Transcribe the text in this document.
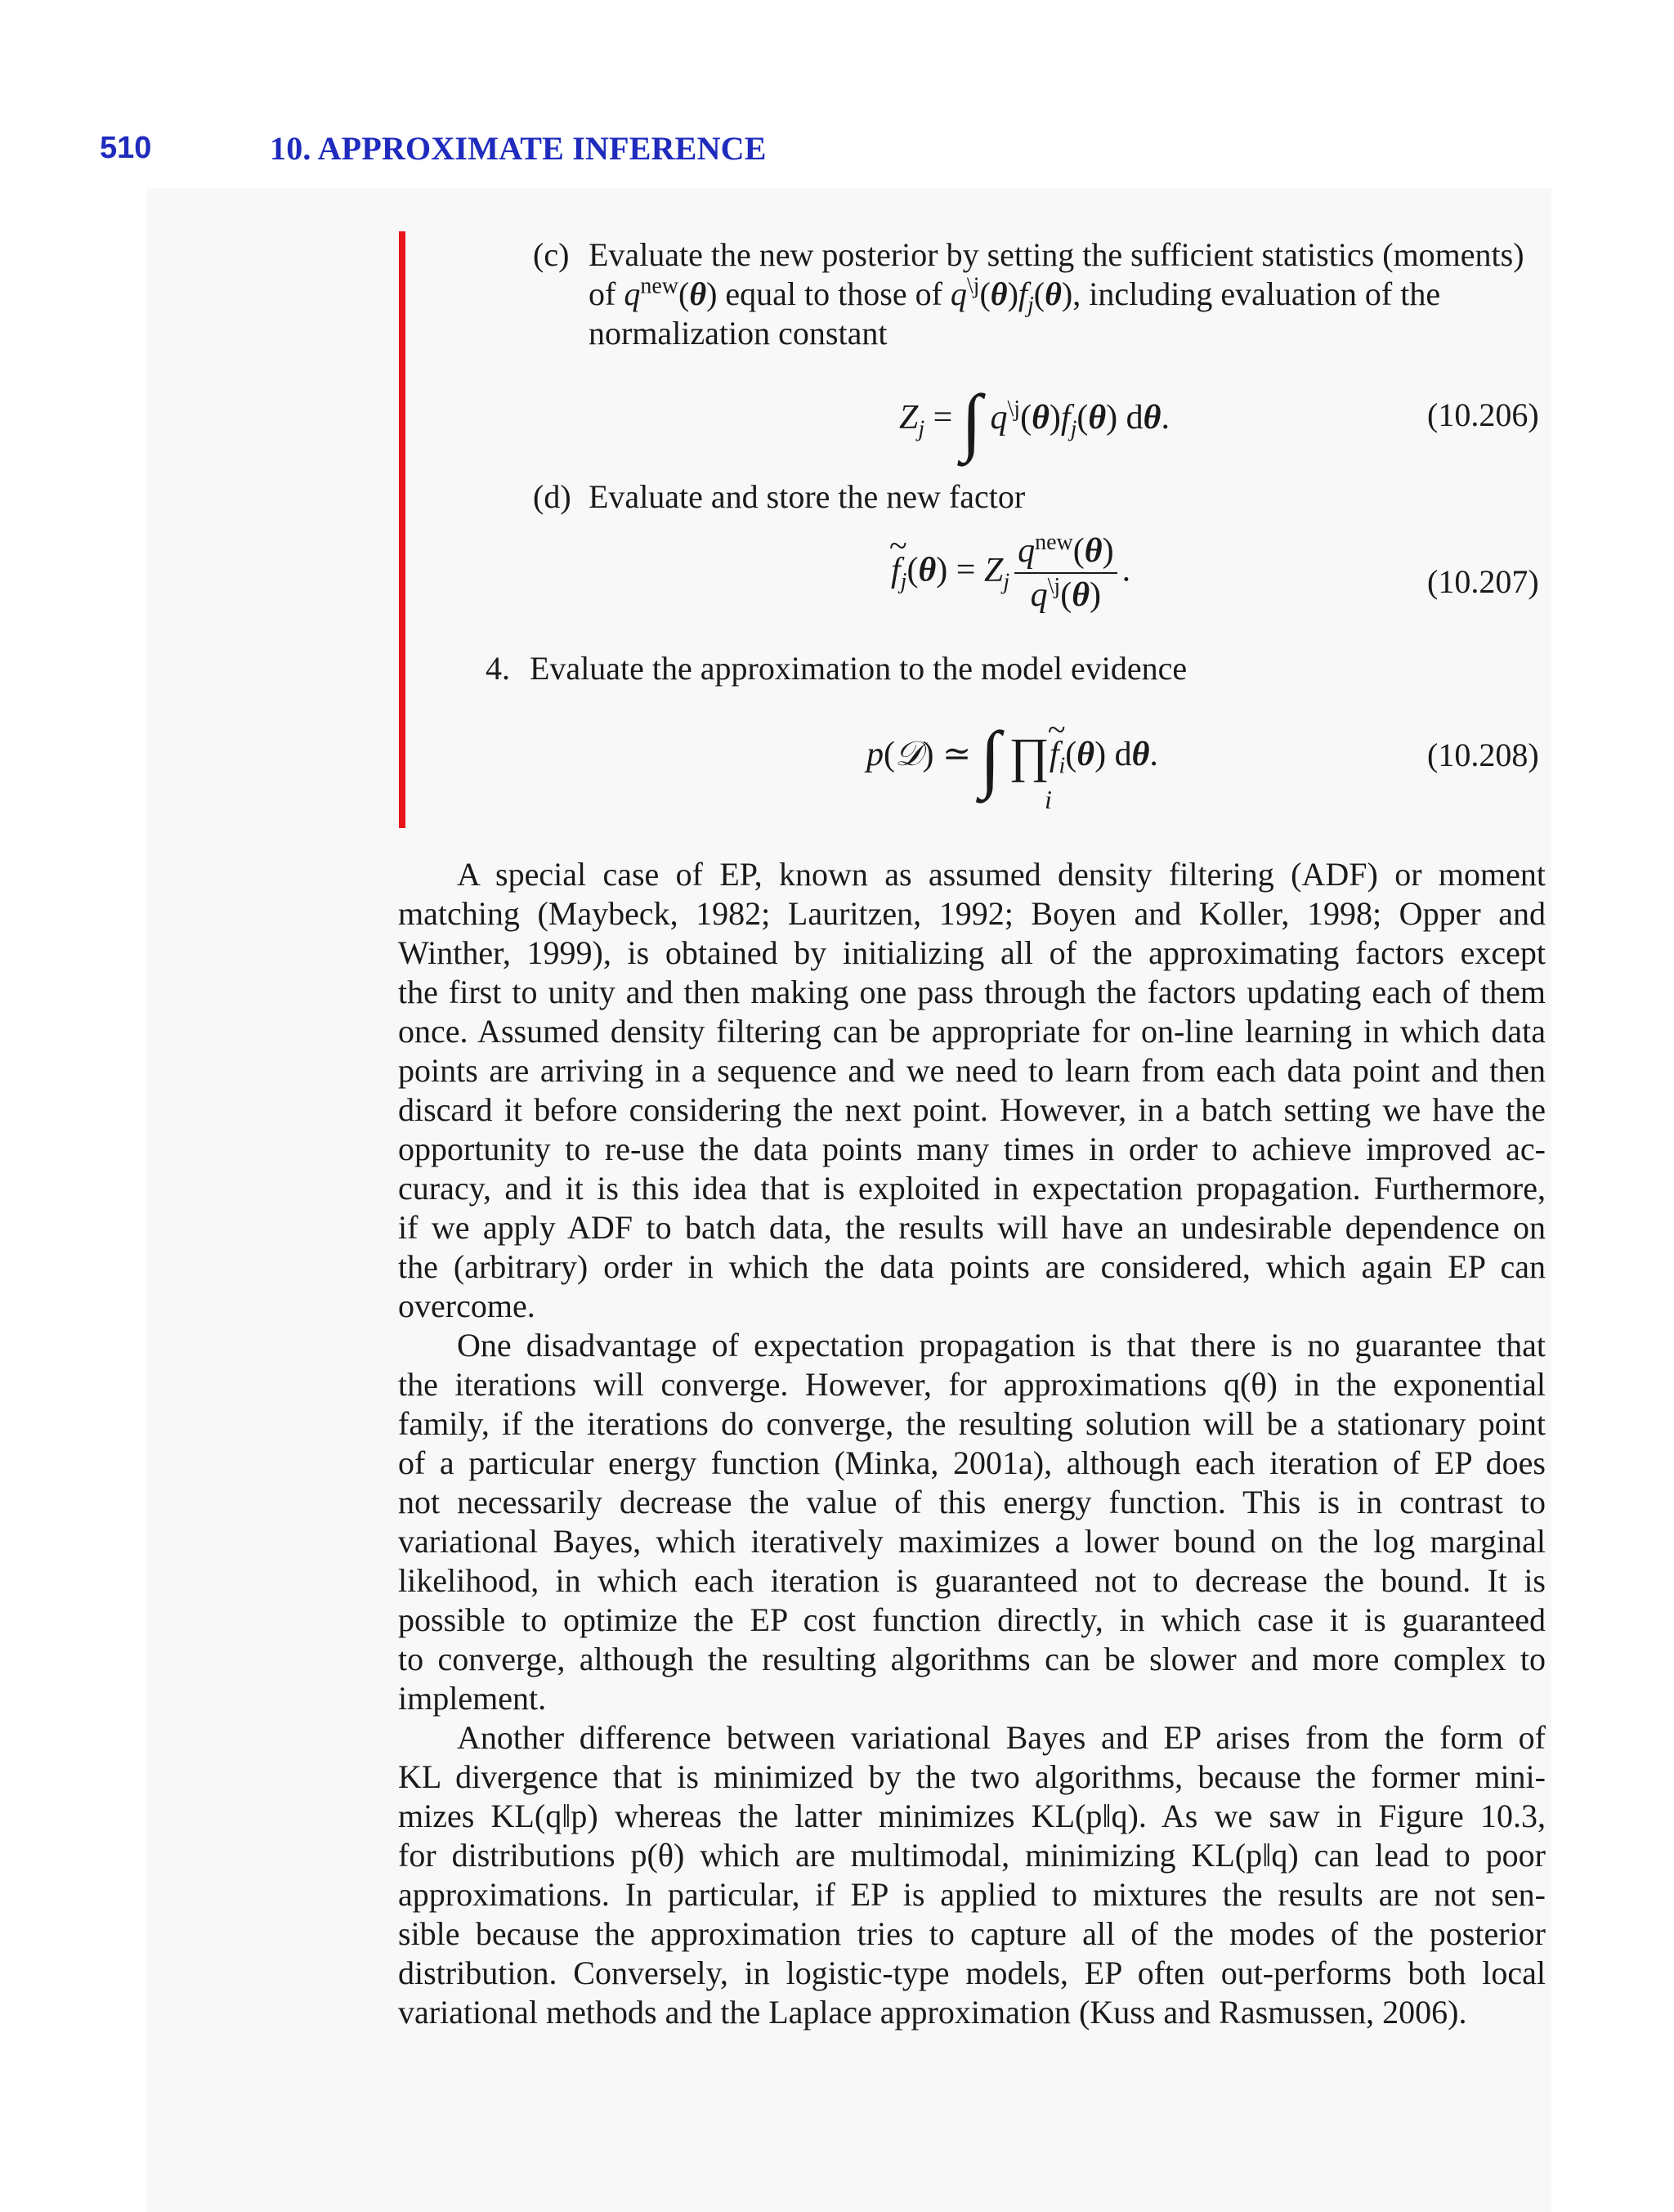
510	10. APPROXIMATE INFERENCE
(c) Evaluate the new posterior by setting the sufficient statistics (moments)
of $q^{new}(\theta)$ equal to those of $q^{\backslash j}(\theta)f_j(\theta)$, including evaluation of the
normalization constant
$Z_j$ = ∫ $q^{\backslash j}(\theta)f_j(\theta)$ dθ.	(10.206)
(d) Evaluate and store the new factor
~ $f_j(\theta) = Z_j \frac{q^{new}(\theta)}{q^{\backslash j}(\theta)}$ .	(10.207)
4. Evaluate the approximation to the model evidence
p(𝒟) ≃ ∫ ∏~ $f_i(\theta)$ dθ.
i
(10.208)
A special case of EP, known as assumed density filtering (ADF) or moment
matching (Maybeck, 1982; Lauritzen, 1992; Boyen and Koller, 1998; Opper and
Winther, 1999), is obtained by initializing all of the approximating factors except
the first to unity and then making one pass through the factors updating each of them
once. Assumed density filtering can be appropriate for on-line learning in which data
points are arriving in a sequence and we need to learn from each data point and then
discard it before considering the next point. However, in a batch setting we have the
opportunity to re-use the data points many times in order to achieve improved ac-
curacy, and it is this idea that is exploited in expectation propagation. Furthermore,
if we apply ADF to batch data, the results will have an undesirable dependence on
the (arbitrary) order in which the data points are considered, which again EP can
overcome.
One disadvantage of expectation propagation is that there is no guarantee that
the iterations will converge. However, for approximations q(θ) in the exponential
family, if the iterations do converge, the resulting solution will be a stationary point
of a particular energy function (Minka, 2001a), although each iteration of EP does
not necessarily decrease the value of this energy function. This is in contrast to
variational Bayes, which iteratively maximizes a lower bound on the log marginal
likelihood, in which each iteration is guaranteed not to decrease the bound. It is
possible to optimize the EP cost function directly, in which case it is guaranteed
to converge, although the resulting algorithms can be slower and more complex to
implement.
Another difference between variational Bayes and EP arises from the form of
KL divergence that is minimized by the two algorithms, because the former mini-
mizes KL(q‖p) whereas the latter minimizes KL(p‖q). As we saw in Figure 10.3,
for distributions p(θ) which are multimodal, minimizing KL(p‖q) can lead to poor
approximations. In particular, if EP is applied to mixtures the results are not sen-
sible because the approximation tries to capture all of the modes of the posterior
distribution. Conversely, in logistic-type models, EP often out-performs both local
variational methods and the Laplace approximation (Kuss and Rasmussen, 2006).
